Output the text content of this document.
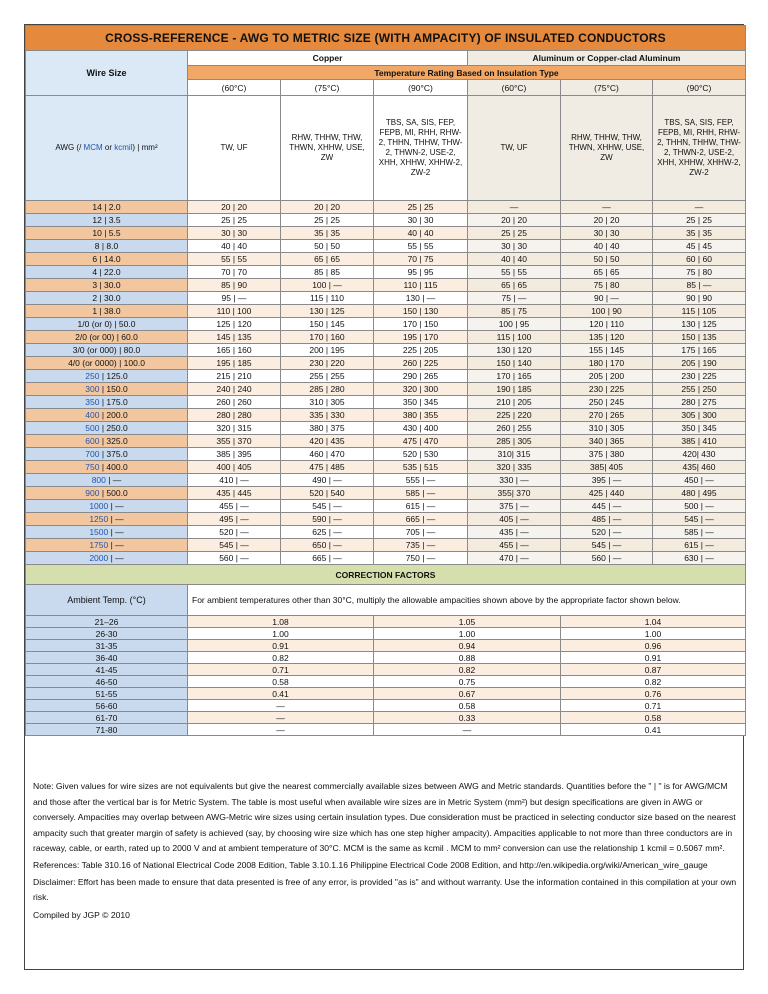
CROSS-REFERENCE - AWG TO METRIC SIZE (WITH AMPACITY) OF INSULATED CONDUCTORS						
Wire Size	Copper			Aluminum or Copper-clad Aluminum		
	Temperature Rating Based on Insulation Type					
	(60°C)	(75°C)	(90°C)	(60°C)	(75°C)	(90°C)
AWG (/ MCM or kcmil) | mm²	TW, UF	RHW, THHW, THW, THWN, XHHW, USE, ZW	TBS, SA, SIS, FEP, FEPB, MI, RHH, RHW-2, THHN, THHW, THW-2, THWN-2, USE-2, XHH, XHHW, XHHW-2, ZW-2	TW, UF	RHW, THHW, THW, THWN, XHHW, USE, ZW	TBS, SA, SIS, FEP, FEPB, MI, RHH, RHW-2, THHN, THHW, THW-2, THWN-2, USE-2, XHH, XHHW, XHHW-2, ZW-2
14 | 2.0	20 | 20	20 | 20	25 | 25	—	—	—
12 | 3.5	25 | 25	25 | 25	30 | 30	20 | 20	20 | 20	25 | 25
10 | 5.5	30 | 30	35 | 35	40 | 40	25 | 25	30 | 30	35 | 35
8 | 8.0	40 | 40	50 | 50	55 | 55	30 | 30	40 | 40	45 | 45
6 | 14.0	55 | 55	65 | 65	70 | 75	40 | 40	50 | 50	60 | 60
4 | 22.0	70 | 70	85 | 85	95 | 95	55 | 55	65 | 65	75 | 80
3 | 30.0	85 | 90	100 | —	110 | 115	65 | 65	75 | 80	85 | —
2 | 30.0	95 | —	115 | 110	130 | —	75 | —	90 | —	90 | 90
1 | 38.0	110 | 100	130 | 125	150 | 130	85 | 75	100 | 90	115 | 105
1/0 (or 0) | 50.0	125 | 120	150 | 145	170 | 150	100 | 95	120 | 110	130 | 125
2/0 (or 00) | 60.0	145 | 135	170 | 160	195 | 170	115 | 100	135 | 120	150 | 135
3/0 (or 000) | 80.0	165 | 160	200 | 195	225 | 205	130 | 120	155 | 145	175 | 165
4/0 (or 0000) | 100.0	195 | 185	230 | 220	260 | 225	150 | 140	180 | 170	205 | 190
250 | 125.0	215 | 210	255 | 255	290 | 265	170 | 165	205 | 200	230 | 225
300 | 150.0	240 | 240	285 | 280	320 | 300	190 | 185	230 | 225	255 | 250
350 | 175.0	260 | 260	310 | 305	350 | 345	210 | 205	250 | 245	280 | 275
400 | 200.0	280 | 280	335 | 330	380 | 355	225 | 220	270 | 265	305 | 300
500 | 250.0	320 | 315	380 | 375	430 | 400	260 | 255	310 | 305	350 | 345
600 | 325.0	355 | 370	420 | 435	475 | 470	285 | 305	340 | 365	385 | 410
700 | 375.0	385 | 395	460 | 470	520 | 530	310| 315	375 | 380	420| 430
750 | 400.0	400 | 405	475 | 485	535 | 515	320 | 335	385| 405	435| 460
800 | —	410 | —	490 | —	555 | —	330 | —	395 | —	450 | —
900 | 500.0	435 | 445	520 | 540	585 | —	355| 370	425 | 440	480 | 495
1000 | —	455 | —	545 | —	615 | —	375 | —	445 | —	500 | —
1250 | —	495 | —	590 | —	665 | —	405 | —	485 | —	545 | —
1500 | —	520 | —	625 | —	705 | —	435 | —	520 | —	585 | —
1750 | —	545 | —	650 | —	735 | —	455 | —	545 | —	615 | —
2000 | —	560 | —	665 | —	750 | —	470 | —	560 | —	630 | —
CORRECTION FACTORS						
Ambient Temp. (°C)	For ambient temperatures other than 30°C, multiply the allowable ampacities shown above by the appropriate factor shown below.					
21–26	1.08		1.05		1.04	
26-30	1.00		1.00		1.00	
31-35	0.91		0.94		0.96	
36-40	0.82		0.88		0.91	
41-45	0.71		0.82		0.87	
46-50	0.58		0.75		0.82	
51-55	0.41		0.67		0.76	
56-60	—		0.58		0.71	
61-70	—		0.33		0.58	
71-80	—		—		0.41	

Note: Given values for wire sizes are not equivalents but give the nearest commercially available sizes between AWG and Metric standards. Quantities before the " | " is for AWG/MCM and those after the vertical bar is for Metric System. The table is most useful when available wire sizes are in Metric System (mm²) but design specifications are given in AWG or conversely. Ampacities may overlap between AWG-Metric wire sizes using certain insulation types. Due consideration must be practiced in selecting conductor size based on the nearest ampacity such that greater margin of safety is achieved (say, by choosing wire size which has one step higher ampacity). Ampacities applicable to not more than three conductors are in raceway, cable, or earth, rated up to 2000 V and at ambient temperature of 30°C. MCM is the same as kcmil . MCM to mm² conversion can use the relationship 1 kcmil = 0.5067 mm².

References: Table 310.16 of National Electrical Code 2008 Edition, Table 3.10.1.16 Philippine Electrical Code 2008 Edition, and http://en.wikipedia.org/wiki/American_wire_gauge

Disclaimer: Effort has been made to ensure that data presented is free of any error, is provided "as is" and without warranty. Use the information contained in this compilation at your own risk.

Compiled by JGP © 2010
